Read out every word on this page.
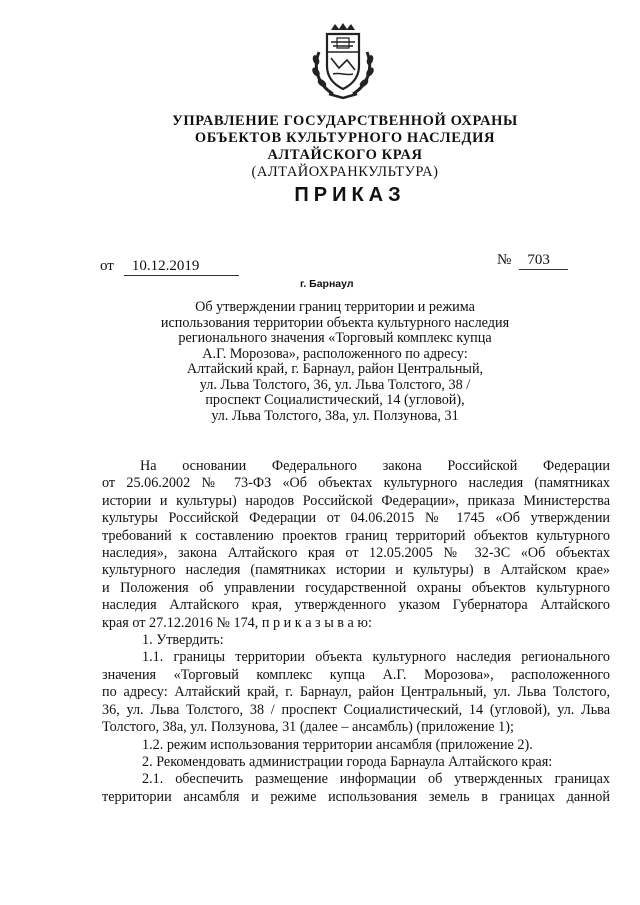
УПРАВЛЕНИЕ ГОСУДАРСТВЕННОЙ ОХРАНЫ
ОБЪЕКТОВ КУЛЬТУРНОГО НАСЛЕДИЯ
АЛТАЙСКОГО КРАЯ
(АЛТАЙОХРАНКУЛЬТУРА)
ПРИКАЗ
от 10.12.2019	№ 703
г. Барнаул
Об утверждении границ территории и режима
использования территории объекта культурного наследия
регионального значения «Торговый комплекс купца
А.Г. Морозова», расположенного по адресу:
Алтайский край, г. Барнаул, район Центральный,
ул. Льва Толстого, 36, ул. Льва Толстого, 38 /
проспект Социалистический, 14 (угловой),
ул. Льва Толстого, 38а, ул. Ползунова, 31
На основании Федерального закона Российской Федерации
от 25.06.2002 № 73-ФЗ «Об объектах культурного наследия (памятниках
истории и культуры) народов Российской Федерации», приказа Министерства
культуры Российской Федерации от 04.06.2015 № 1745 «Об утверждении
требований к составлению проектов границ территорий объектов культурного
наследия», закона Алтайского края от 12.05.2005 № 32-ЗС «Об объектах
культурного наследия (памятниках истории и культуры) в Алтайском крае»
и Положения об управлении государственной охраны объектов культурного
наследия Алтайского края, утвержденного указом Губернатора Алтайского
края от 27.12.2016 № 174, п р и к а з ы в а ю:
1. Утвердить:
1.1. границы территории объекта культурного наследия регионального
значения «Торговый комплекс купца А.Г. Морозова», расположенного
по адресу: Алтайский край, г. Барнаул, район Центральный, ул. Льва Толстого,
36, ул. Льва Толстого, 38 / проспект Социалистический, 14 (угловой), ул. Льва
Толстого, 38а, ул. Ползунова, 31 (далее – ансамбль) (приложение 1);
1.2. режим использования территории ансамбля (приложение 2).
2. Рекомендовать администрации города Барнаула Алтайского края:
2.1. обеспечить размещение информации об утвержденных границах
территории ансамбля и режиме использования земель в границах данной
